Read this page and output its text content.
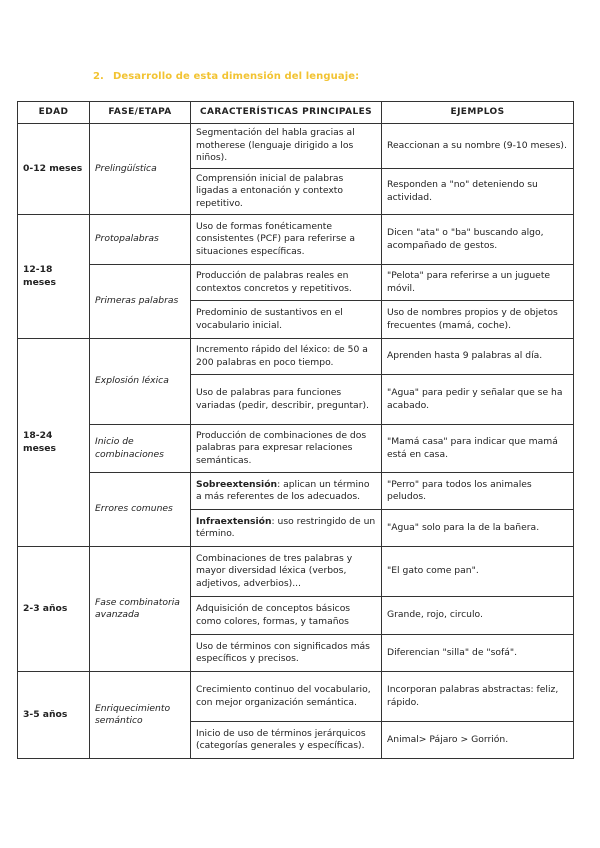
2. Desarrollo de esta dimensión del lenguaje:
EDAD	FASE/ETAPA	CARACTERÍSTICAS PRINCIPALES	EJEMPLOS
0-12 meses	Prelingüística	Segmentación del habla gracias al motherese (lenguaje dirigido a los niños).	Reaccionan a su nombre (9-10 meses).
		Comprensión inicial de palabras ligadas a entonación y contexto repetitivo.	Responden a "no" deteniendo su actividad.
12-18 meses	Protopalabras	Uso de formas fonéticamente consistentes (PCF) para referirse a situaciones específicas.	Dicen "ata" o "ba" buscando algo, acompañado de gestos.
	Primeras palabras	Producción de palabras reales en contextos concretos y repetitivos.	"Pelota" para referirse a un juguete móvil.
		Predominio de sustantivos en el vocabulario inicial.	Uso de nombres propios y de objetos frecuentes (mamá, coche).
18-24 meses	Explosión léxica	Incremento rápido del léxico: de 50 a 200 palabras en poco tiempo.	Aprenden hasta 9 palabras al día.
		Uso de palabras para funciones variadas (pedir, describir, preguntar).	"Agua" para pedir y señalar que se ha acabado.
	Inicio de combinaciones	Producción de combinaciones de dos palabras para expresar relaciones semánticas.	"Mamá casa" para indicar que mamá está en casa.
	Errores comunes	Sobreextensión: aplican un término a más referentes de los adecuados.	"Perro" para todos los animales peludos.
		Infraextensión: uso restringido de un término.	"Agua" solo para la de la bañera.
2-3 años	Fase combinatoria avanzada	Combinaciones de tres palabras y mayor diversidad léxica (verbos, adjetivos, adverbios)...	"El gato come pan".
		Adquisición de conceptos básicos como colores, formas, y tamaños	Grande, rojo, circulo.
		Uso de términos con significados más específicos y precisos.	Diferencian "silla" de "sofá".
3-5 años	Enriquecimiento semántico	Crecimiento continuo del vocabulario, con mejor organización semántica.	Incorporan palabras abstractas: feliz, rápido.
		Inicio de uso de términos jerárquicos (categorías generales y específicas).	Animal> Pájaro > Gorrión.
